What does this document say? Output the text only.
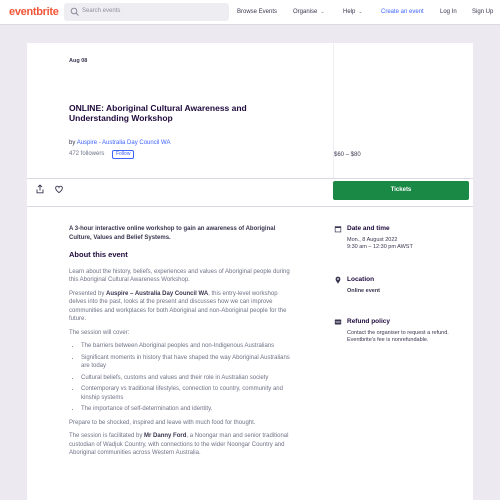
eventbrite	Search events	Browse Events	Organise ⌄	Help ⌄	Create an event	Log In	Sign Up
Aug 08
ONLINE: Aboriginal Cultural Awareness and Understanding Workshop
by Auspire - Australia Day Council WA
472 followers	Follow	$60 – $80
Tickets
A 3-hour interactive online workshop to gain an awareness of Aboriginal Culture, Values and Belief Systems.
About this event
Learn about the history, beliefs, experiences and values of Aboriginal people during this Aboriginal Cultural Awareness Workshop.
Presented by Auspire – Australia Day Council WA, this entry-level workshop delves into the past, looks at the present and discusses how we can improve communities and workplaces for both Aboriginal and non-Aboriginal people for the future.
The session will cover:
• The barriers between Aboriginal peoples and non-Indigenous Australians
• Significant moments in history that have shaped the way Aboriginal Australians are today
• Cultural beliefs, customs and values and their role in Australian society
• Contemporary vs traditional lifestyles, connection to country, community and kinship systems
• The importance of self-determination and identity.
Prepare to be shocked, inspired and leave with much food for thought.
The session is facilitated by Mr Danny Ford, a Noongar man and senior traditional custodian of Wadjuk Country, with connections to the wider Noongar Country and Aboriginal communities across Western Australia.
Date and time
Mon., 8 August 2022
9:30 am – 12:30 pm AWST
Location
Online event
Refund policy
Contact the organiser to request a refund. Eventbrite's fee is nonrefundable.
